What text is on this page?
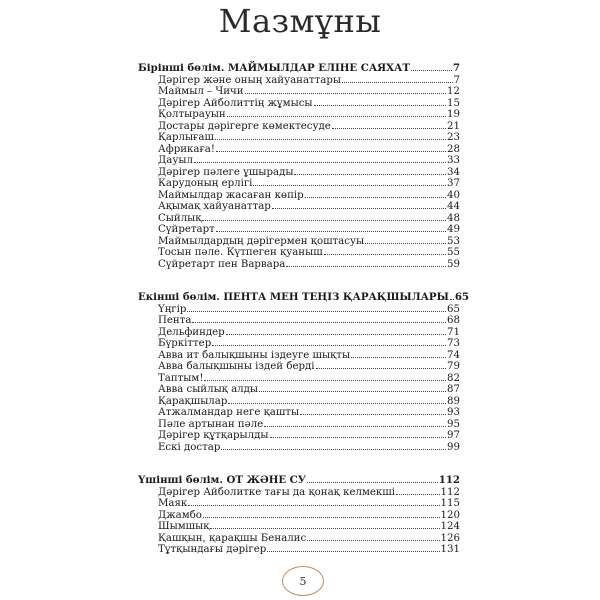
Мазмұны
Бірінші бөлім. МАЙМЫЛДАР ЕЛІНЕ САЯХАТ	7
Дәрігер және оның хайуанаттары	7
Маймыл – Чичи	12
Дәрігер Айболиттің жұмысы	15
Қолтырауын	19
Достары дәрігерге көмектесуде	21
Қарлығаш	23
Африкаға!	28
Дауыл	33
Дәрігер пәлеге ұшырады	34
Карудоның ерлігі	37
Маймылдар жасаған көпір	40
Ақымақ хайуанаттар	44
Сыйлық	48
Сүйретарт	49
Маймылдардың дәрігермен қоштасуы	53
Тосын пәле. Күтпеген қуаныш	55
Сүйретарт пен Варвара	59
Екінші бөлім. ПЕНТА МЕН ТЕҢІЗ ҚАРАҚШЫЛАРЫ 65
Үңгір	65
Пента	68
Дельфиндер	71
Бүркіттер	73
Авва ит балықшыны іздеуге шықты	74
Авва балықшыны іздей берді	79
Таптым!	82
Авва сыйлық алды	87
Қарақшылар	89
Атжалмандар неге қашты	93
Пәле артынан пәле	95
Дәрігер құтқарылды	97
Ескі достар	99
Үшінші бөлім. ОТ ЖӘНЕ СУ	112
Дәрігер Айболитке тағы да қонақ келмекші	112
Маяк	115
Джамбо	120
Шымшық	124
Қашқын, қарақшы Беналис	126
Тұтқындағы дәрігер	131
5
